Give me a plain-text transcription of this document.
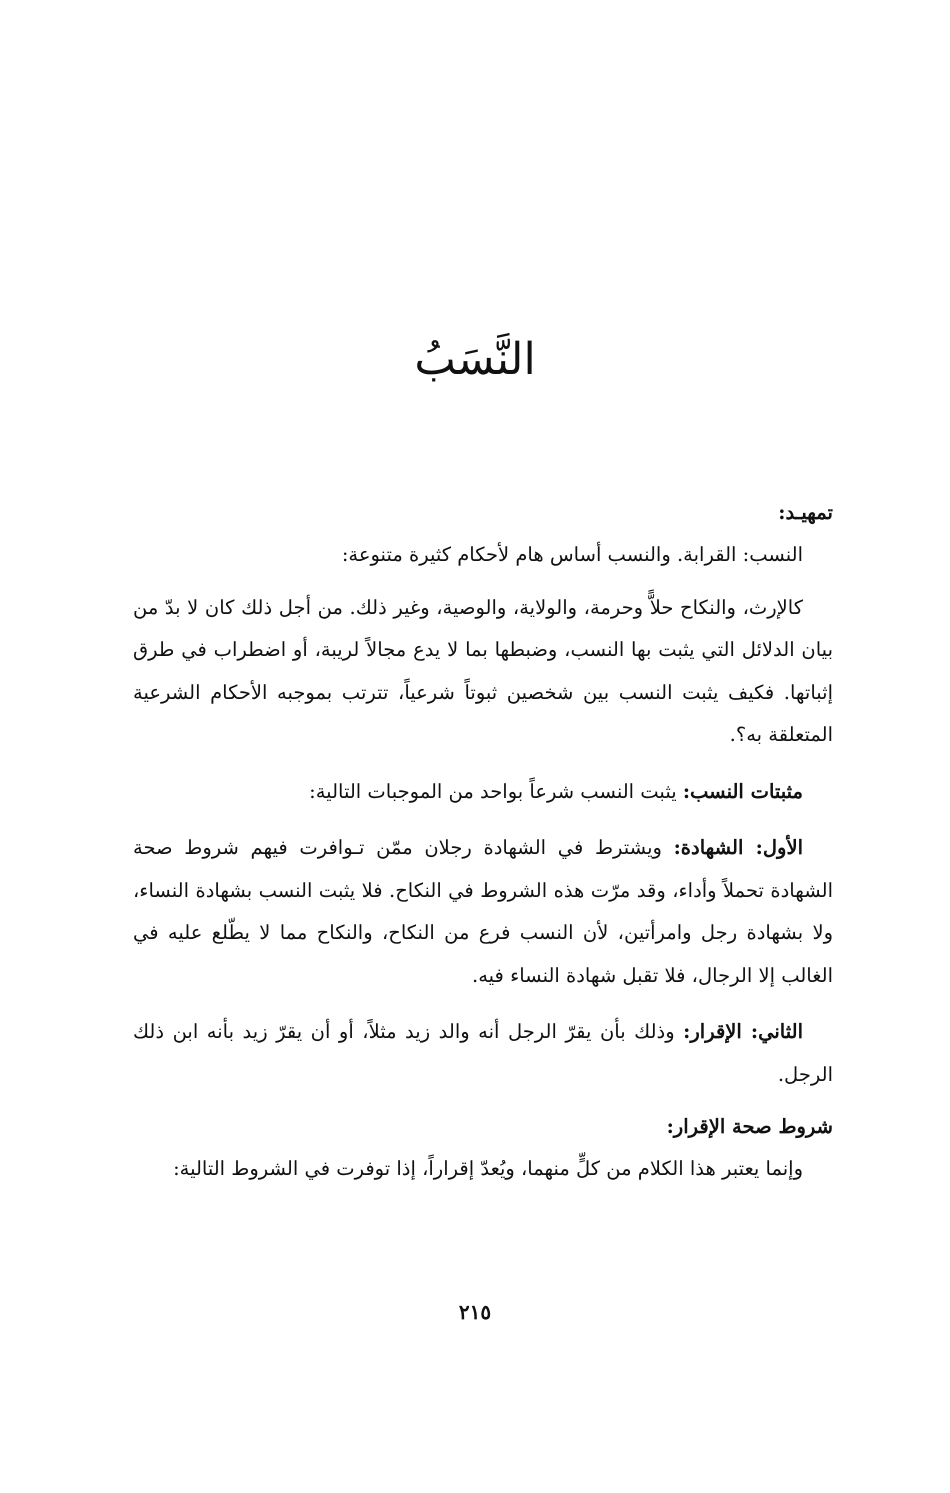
النَّسَبُ

تمهيـد:

النسب: القرابة. والنسب أساس هام لأحكام كثيرة متنوعة:

كالإرث، والنكاح حلاًّ وحرمة، والولاية، والوصية، وغير ذلك. من أجل ذلك كان لا بدّ من بيان الدلائل التي يثبت بها النسب، وضبطها بما لا يدع مجالاً لريبة، أو اضطراب في طرق إثباتها. فكيف يثبت النسب بين شخصين ثبوتاً شرعياً، تترتب بموجبه الأحكام الشرعية المتعلقة به؟.

مثبتات النسب: يثبت النسب شرعاً بواحد من الموجبات التالية:

الأول: الشهادة: ويشترط في الشهادة رجلان ممّن تـوافرت فيهم شروط صحة الشهادة تحملاً وأداء، وقد مرّت هذه الشروط في النكاح. فلا يثبت النسب بشهادة النساء، ولا بشهادة رجل وامرأتين، لأن النسب فرع من النكاح، والنكاح مما لا يطّلع عليه في الغالب إلا الرجال، فلا تقبل شهادة النساء فيه.

الثاني: الإقرار: وذلك بأن يقرّ الرجل أنه والد زيد مثلاً، أو أن يقرّ زيد بأنه ابن ذلك الرجل.

شروط صحة الإقرار:

وإنما يعتبر هذا الكلام من كلٍّ منهما، ويُعدّ إقراراً، إذا توفرت في الشروط التالية:

٢١٥
